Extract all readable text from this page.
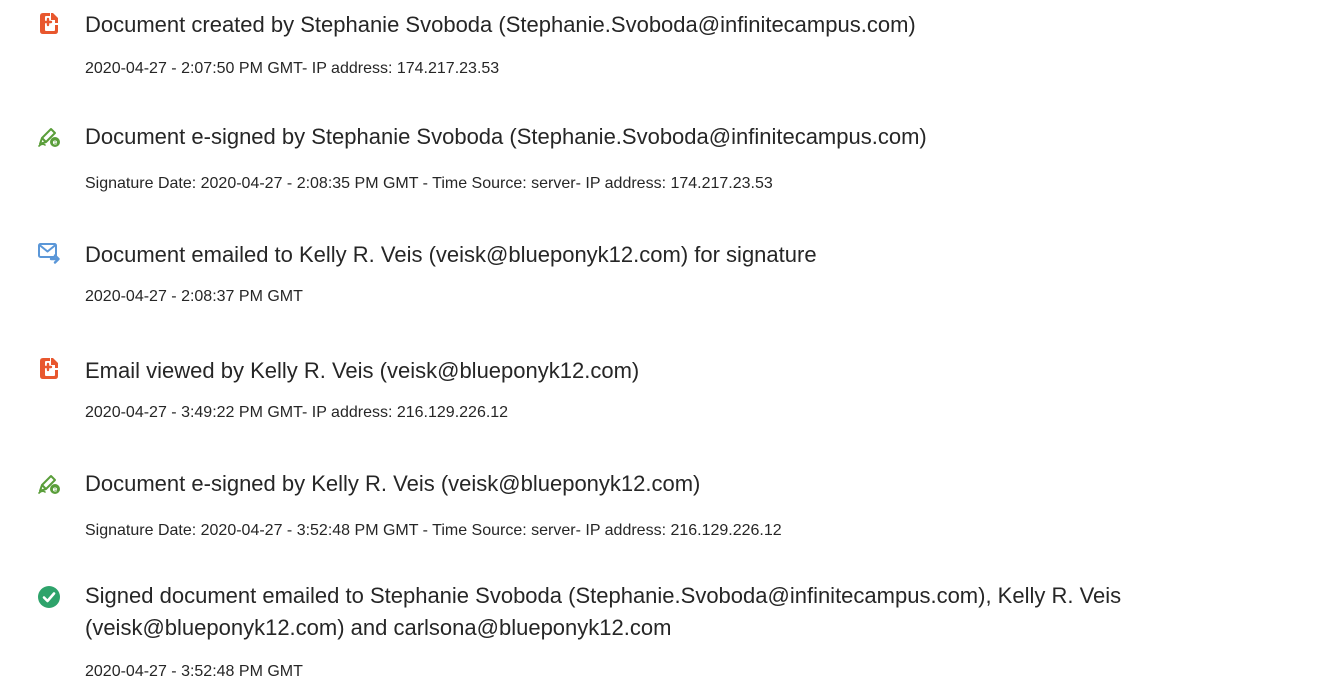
Document created by Stephanie Svoboda (Stephanie.Svoboda@infinitecampus.com)
2020-04-27 - 2:07:50 PM GMT- IP address: 174.217.23.53
e Document e-signed by Stephanie Svoboda (Stephanie.Svoboda@infinitecampus.com)
Signature Date: 2020-04-27 - 2:08:35 PM GMT - Time Source: server- IP address: 174.217.23.53
Document emailed to Kelly R. Veis (veisk@blueponyk12.com) for signature
2020-04-27 - 2:08:37 PM GMT
Email viewed by Kelly R. Veis (veisk@blueponyk12.com)
2020-04-27 - 3:49:22 PM GMT- IP address: 216.129.226.12
e Document e-signed by Kelly R. Veis (veisk@blueponyk12.com)
Signature Date: 2020-04-27 - 3:52:48 PM GMT - Time Source: server- IP address: 216.129.226.12
Signed document emailed to Stephanie Svoboda (Stephanie.Svoboda@infinitecampus.com), Kelly R. Veis (veisk@blueponyk12.com) and carlsona@blueponyk12.com
2020-04-27 - 3:52:48 PM GMT
